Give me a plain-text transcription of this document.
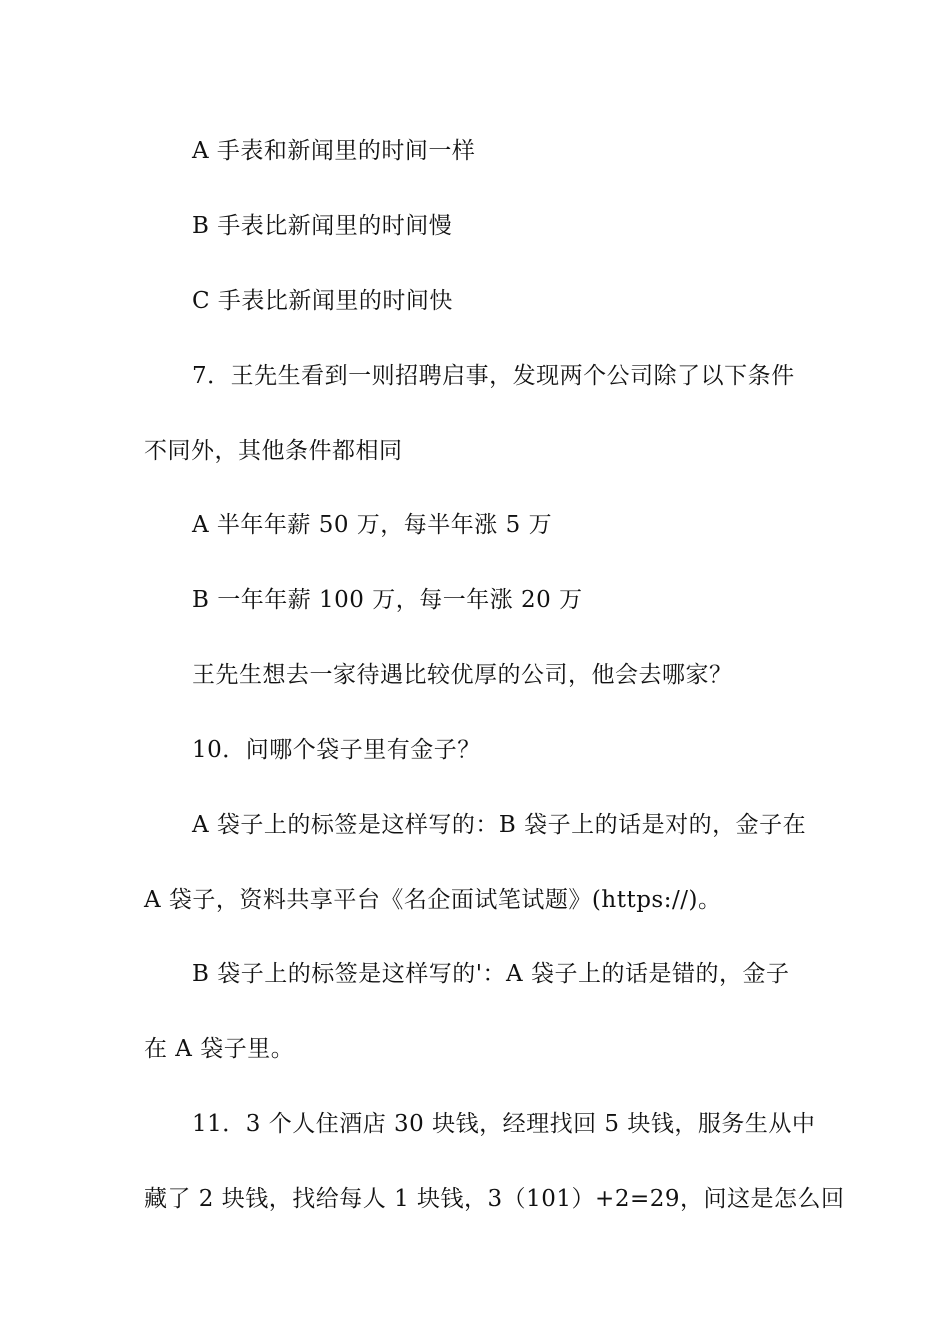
A 手表和新闻里的时间一样
B 手表比新闻里的时间慢
C 手表比新闻里的时间快
7．王先生看到一则招聘启事，发现两个公司除了以下条件
不同外，其他条件都相同
A 半年年薪 50 万，每半年涨 5 万
B 一年年薪 100 万，每一年涨 20 万
王先生想去一家待遇比较优厚的公司，他会去哪家？
10．问哪个袋子里有金子？
A 袋子上的标签是这样写的：B 袋子上的话是对的，金子在
A 袋子，资料共享平台《名企面试笔试题》(https://)。
B 袋子上的标签是这样写的'：A 袋子上的话是错的，金子
在 A 袋子里。
11．3 个人住酒店 30 块钱，经理找回 5 块钱，服务生从中
藏了 2 块钱，找给每人 1 块钱，3（101）+2=29，问这是怎么回
